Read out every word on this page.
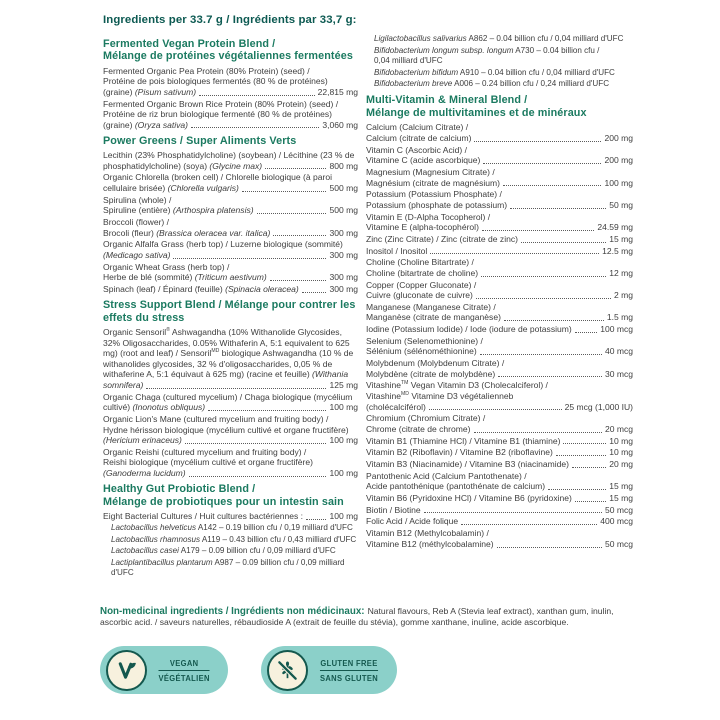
Ingredients per 33.7 g / Ingrédients par 33,7 g:
Fermented Vegan Protein Blend /
Mélange de protéines végétaliennes fermentées
Fermented Organic Pea Protein (80% Protein) (seed) /
Protéine de pois biologiques fermentés (80 % de protéines)
(graine) (Pisum sativum)	22,815 mg
Fermented Organic Brown Rice Protein (80% Protein) (seed) /
Protéine de riz brun biologique fermenté (80 % de protéines)
(graine) (Oryza sativa)	3,060 mg
Power Greens / Super Aliments Verts
Lecithin (23% Phosphatidylcholine) (soybean) / Lécithine (23 % de
phosphatidylcholine) (soya) (Glycine max)	800 mg
Organic Chlorella (broken cell) / Chlorelle biologique (à paroi
cellulaire brisée) (Chlorella vulgaris)	500 mg
Spirulina (whole) /
Spiruline (entière) (Arthospira platensis)	500 mg
Broccoli (flower) /
Brocoli (fleur) (Brassica oleracea var. italica)	300 mg
Organic Alfalfa Grass (herb top) / Luzerne biologique (sommité)
(Medicago sativa)	300 mg
Organic Wheat Grass (herb top) /
Herbe de blé (sommité) (Triticum aestivum)	300 mg
Spinach (leaf) / Épinard (feuille) (Spinacia oleracea)	300 mg
Stress Support Blend / Mélange pour contrer les
effets du stress
Organic Sensoril® Ashwagandha (10% Withanolide Glycosides,
32% Oligosaccharides, 0.05% Withaferin A, 5:1 equivalent to 625
mg) (root and leaf) / Sensoril$^{MD}$ biologique Ashwagandha (10 % de
withanolides glycosides, 32 % d'oligosaccharides, 0,05 % de
withaferine A, 5:1 équivaut à 625 mg) (racine et feuille) (Withania
somnifera)	125 mg
Organic Chaga (cultured mycelium) / Chaga biologique (mycélium
cultivé) (Inonotus obliquus)	100 mg
Organic Lion's Mane (cultured mycelium and fruiting body) /
Hydne hérisson biologique (mycélium cultivé et organe fructifère)
(Hericium erinaceus)	100 mg
Organic Reishi (cultured mycelium and fruiting body) /
Reishi biologique (mycélium cultivé et organe fructifère)
(Ganoderma lucidum)	100 mg
Healthy Gut Probiotic Blend /
Mélange de probiotiques pour un intestin sain
Eight Bacterial Cultures / Huit cultures bactériennes :	100 mg
Lactobacillus helveticus A142 – 0.19 billion cfu / 0,19 milliard d'UFC
Lactobacillus rhamnosus A119 – 0.43 billion cfu / 0,43 milliard d'UFC
Lactobacillus casei A179 – 0.09 billion cfu / 0,09 milliard d'UFC
Lactiplantibacillus plantarum A987 – 0.09 billion cfu / 0,09 milliard d'UFC
Ligilactobacillus salivarius A862 – 0.04 billion cfu / 0,04 milliard d'UFC
Bifidobacterium longum subsp. longum A730 – 0.04 billion cfu /
0,04 milliard d'UFC
Bifidobacterium bifidum A910 – 0.04 billion cfu / 0,04 milliard d'UFC
Bifidobacterium breve A006 – 0.24 billion cfu / 0,24 milliard d'UFC
Multi-Vitamin & Mineral Blend /
Mélange de multivitamines et de minéraux
Calcium (Calcium Citrate) /
Calcium (citrate de calcium)	200 mg
Vitamin C (Ascorbic Acid) /
Vitamine C (acide ascorbique)	200 mg
Magnesium (Magnesium Citrate) /
Magnésium (citrate de magnésium)	100 mg
Potassium (Potassium Phosphate) /
Potassium (phosphate de potassium)	50 mg
Vitamin E (D-Alpha Tocopherol) /
Vitamine E (alpha-tocophérol)	24.59 mg
Zinc (Zinc Citrate) / Zinc (citrate de zinc)	15 mg
Inositol / Inositol	12.5 mg
Choline (Choline Bitartrate) /
Choline (bitartrate de choline)	12 mg
Copper (Copper Gluconate) /
Cuivre (gluconate de cuivre)	2 mg
Manganese (Manganese Citrate) /
Manganèse (citrate de manganèse)	1.5 mg
Iodine (Potassium Iodide) / Iode (iodure de potassium)	100 mcg
Selenium (Selenomethionine) /
Sélénium (sélénométhionine)	40 mcg
Molybdenum (Molybdenum Citrate) /
Molybdène (citrate de molybdène)	30 mcg
Vitashine™ Vegan Vitamin D3 (Cholecalciferol) /
Vitashine$^{MD}$ Vitamine D3 végétalienneb
(cholécalciférol)	25 mcg (1,000 IU)
Chromium (Chromium Citrate) /
Chrome (citrate de chrome)	20 mcg
Vitamin B1 (Thiamine HCl) / Vitamine B1 (thiamine)	10 mg
Vitamin B2 (Riboflavin) / Vitamine B2 (riboflavine)	10 mg
Vitamin B3 (Niacinamide) / Vitamine B3 (niacinamide)	20 mg
Pantothenic Acid (Calcium Pantothenate) /
Acide pantothénique (pantothénate de calcium)	15 mg
Vitamin B6 (Pyridoxine HCl) / Vitamine B6 (pyridoxine)	15 mg
Biotin / Biotine	50 mcg
Folic Acid / Acide folique	400 mcg
Vitamin B12 (Methylcobalamin) /
Vitamine B12 (méthylcobalamine)	50 mcg
Non-medicinal ingredients / Ingrédients non médicinaux: Natural flavours, Reb A (Stevia leaf extract), xanthan gum, inulin, ascorbic acid. / saveurs naturelles, rébaudioside A (extrait de feuille du stévia), gomme xanthane, inuline, acide ascorbique.
VEGAN
VÉGÉTALIEN
GLUTEN FREE
SANS GLUTEN
